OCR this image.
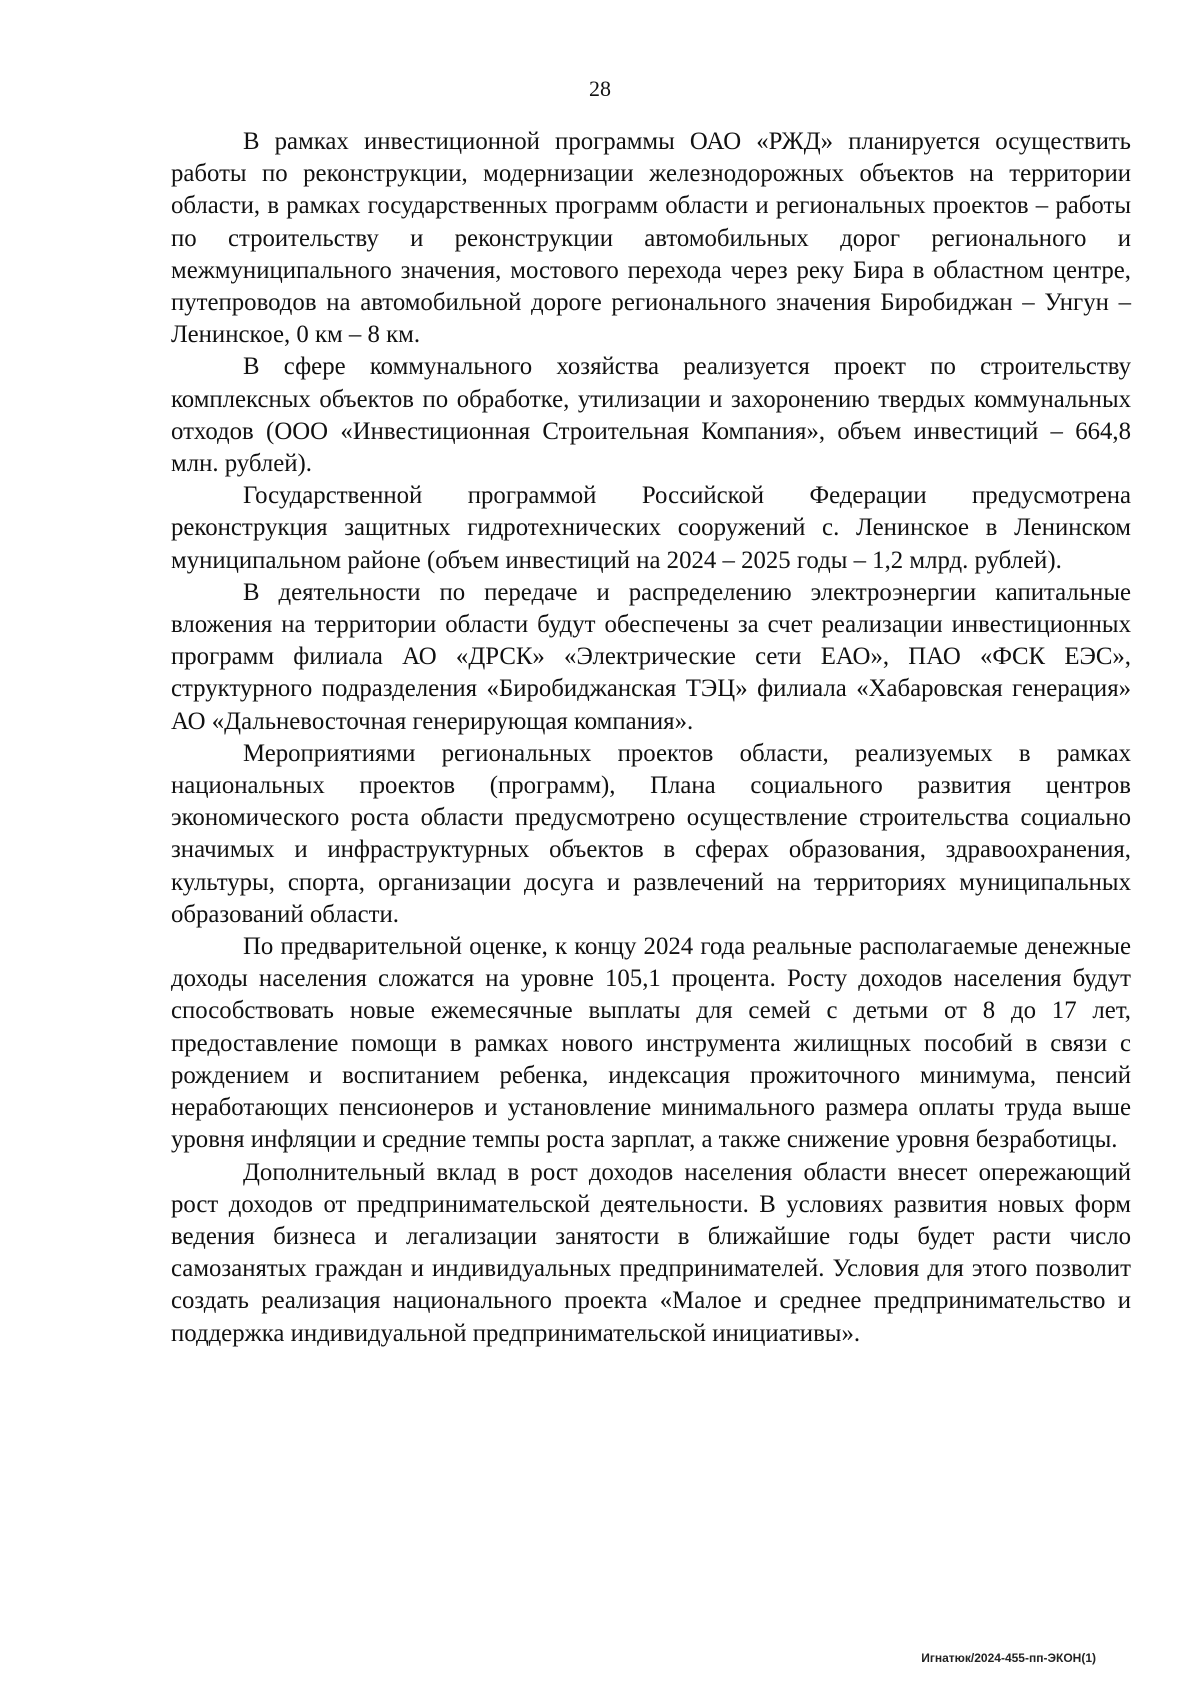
28

В рамках инвестиционной программы ОАО «РЖД» планируется осуществить работы по реконструкции, модернизации железнодорожных объектов на территории области, в рамках государственных программ области и региональных проектов – работы по строительству и реконструкции автомобильных дорог регионального и межмуниципального значения, мостового перехода через реку Бира в областном центре, путепроводов на автомобильной дороге регионального значения Биробиджан – Унгун – Ленинское, 0 км – 8 км.

В сфере коммунального хозяйства реализуется проект по строительству комплексных объектов по обработке, утилизации и захоронению твердых коммунальных отходов (ООО «Инвестиционная Строительная Компания», объем инвестиций – 664,8 млн. рублей).

Государственной программой Российской Федерации предусмотрена реконструкция защитных гидротехнических сооружений с. Ленинское в Ленинском муниципальном районе (объем инвестиций на 2024 – 2025 годы – 1,2 млрд. рублей).

В деятельности по передаче и распределению электроэнергии капитальные вложения на территории области будут обеспечены за счет реализации инвестиционных программ филиала АО «ДРСК» «Электрические сети ЕАО», ПАО «ФСК ЕЭС», структурного подразделения «Биробиджанская ТЭЦ» филиала «Хабаровская генерация» АО «Дальневосточная генерирующая компания».

Мероприятиями региональных проектов области, реализуемых в рамках национальных проектов (программ), Плана социального развития центров экономического роста области предусмотрено осуществление строительства социально значимых и инфраструктурных объектов в сферах образования, здравоохранения, культуры, спорта, организации досуга и развлечений на территориях муниципальных образований области.

По предварительной оценке, к концу 2024 года реальные располагаемые денежные доходы населения сложатся на уровне 105,1 процента. Росту доходов населения будут способствовать новые ежемесячные выплаты для семей с детьми от 8 до 17 лет, предоставление помощи в рамках нового инструмента жилищных пособий в связи с рождением и воспитанием ребенка, индексация прожиточного минимума, пенсий неработающих пенсионеров и установление минимального размера оплаты труда выше уровня инфляции и средние темпы роста зарплат, а также снижение уровня безработицы.

Дополнительный вклад в рост доходов населения области внесет опережающий рост доходов от предпринимательской деятельности. В условиях развития новых форм ведения бизнеса и легализации занятости в ближайшие годы будет расти число самозанятых граждан и индивидуальных предпринимателей. Условия для этого позволит создать реализация национального проекта «Малое и среднее предпринимательство и поддержка индивидуальной предпринимательской инициативы».

Игнатюк/2024-455-пп-ЭКОН(1)
